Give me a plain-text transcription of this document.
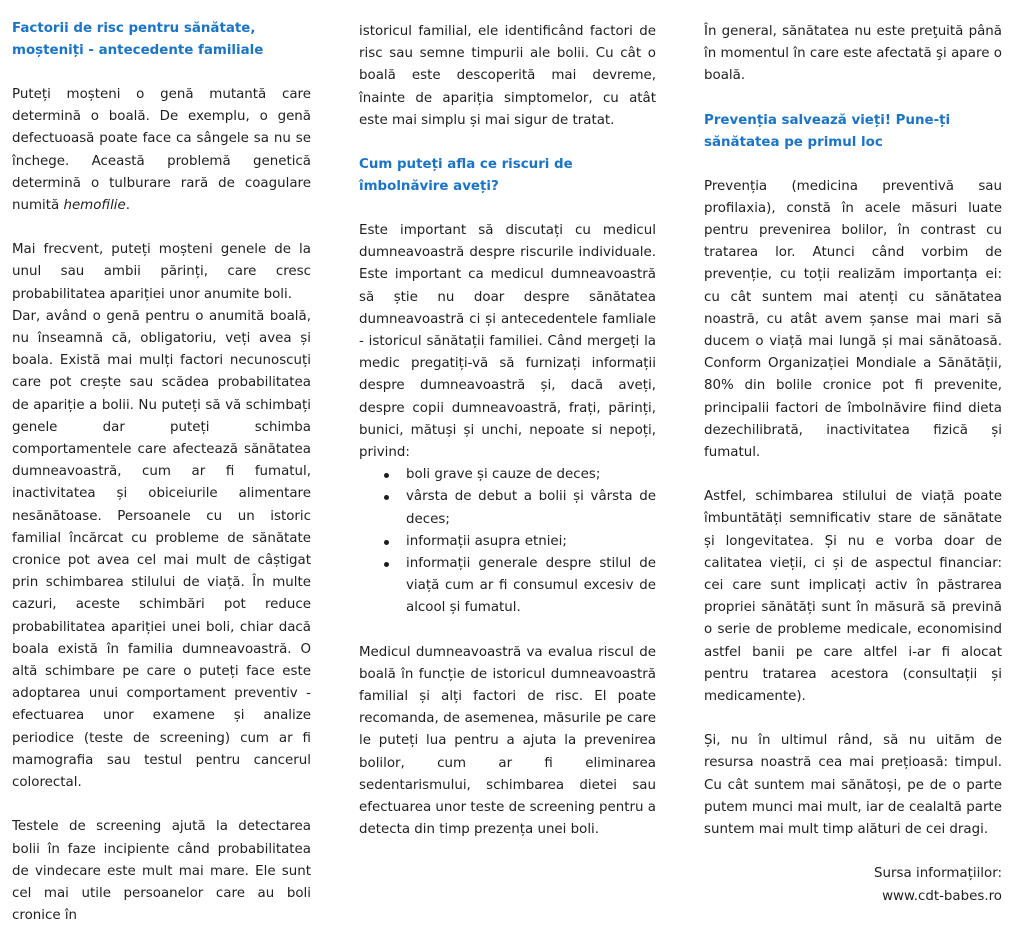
Factorii de risc pentru sănătate, moșteniți - antecedente familiale

Puteți moșteni o genă mutantă care determină o boală. De exemplu, o genă defectuoasă poate face ca sângele sa nu se închege. Această problemă genetică determină o tulburare rară de coagulare numită hemofilie.

Mai frecvent, puteți moșteni genele de la unul sau ambii părinți, care cresc probabilitatea apariției unor anumite boli.

Dar, având o genă pentru o anumită boală, nu înseamnă că, obligatoriu, veți avea și boala. Există mai mulți factori necunoscuți care pot crește sau scădea probabilitatea de apariție a bolii. Nu puteți să vă schimbați genele dar puteți schimba comportamentele care afectează sănătatea dumneavoastră, cum ar fi fumatul, inactivitatea și obiceiurile alimentare nesănătoase. Persoanele cu un istoric familial încărcat cu probleme de sănătate cronice pot avea cel mai mult de câștigat prin schimbarea stilului de viață. În multe cazuri, aceste schimbări pot reduce probabilitatea apariției unei boli, chiar dacă boala există în familia dumneavoastră. O altă schimbare pe care o puteți face este adoptarea unui comportament preventiv - efectuarea unor examene și analize periodice (teste de screening) cum ar fi mamografia sau testul pentru cancerul colorectal.

Testele de screening ajută la detectarea bolii în faze incipiente când probabilitatea de vindecare este mult mai mare. Ele sunt cel mai utile persoanelor care au boli cronice în

istoricul familial, ele identificând factori de risc sau semne timpurii ale bolii. Cu cât o boală este descoperită mai devreme, înainte de apariția simptomelor, cu atât este mai simplu și mai sigur de tratat.

Cum puteți afla ce riscuri de îmbolnăvire aveți?

Este important să discutați cu medicul dumneavoastră despre riscurile individuale. Este important ca medicul dumneavoastră să știe nu doar despre sănătatea dumneavoastră ci și antecedentele famliale - istoricul sănătații familiei. Când mergeți la medic pregatiți-vă să furnizați informații despre dumneavoastră și, dacă aveți, despre copii dumneavoastră, frați, părinți, bunici, mătuși și unchi, nepoate si nepoți, privind:

boli grave și cauze de deces;
vârsta de debut a bolii și vârsta de deces;
informații asupra etniei;
informații generale despre stilul de viață cum ar fi consumul excesiv de alcool și fumatul.

Medicul dumneavoastră va evalua riscul de boală în funcție de istoricul dumneavoastră familial și alți factori de risc. El poate recomanda, de asemenea, măsurile pe care le puteți lua pentru a ajuta la prevenirea bolilor, cum ar fi eliminarea sedentarismului, schimbarea dietei sau efectuarea unor teste de screening pentru a detecta din timp prezența unei boli.

În general, sănătatea nu este preţuită până în momentul în care este afectată şi apare o boală.

Prevenția salvează vieți! Pune-ți sănătatea pe primul loc

Prevenția (medicina preventivă sau profilaxia), constă în acele măsuri luate pentru prevenirea bolilor, în contrast cu tratarea lor. Atunci când vorbim de prevenție, cu toții realizăm importanța ei: cu cât suntem mai atenți cu sănătatea noastră, cu atât avem șanse mai mari să ducem o viață mai lungă și mai sănătoasă. Conform Organizației Mondiale a Sănătății, 80% din bolile cronice pot fi prevenite, principalii factori de îmbolnăvire fiind dieta dezechilibrată, inactivitatea fizică și fumatul.

Astfel, schimbarea stilului de viață poate îmbuntătăți semnificativ stare de sănătate și longevitatea. Și nu e vorba doar de calitatea vieții, ci și de aspectul financiar: cei care sunt implicați activ în păstrarea propriei sănătăți sunt în măsură să prevină o serie de probleme medicale, economisind astfel banii pe care altfel i-ar fi alocat pentru tratarea acestora (consultații și medicamente).

Și, nu în ultimul rând, să nu uităm de resursa noastră cea mai prețioasă: timpul. Cu cât suntem mai sănătoși, pe de o parte putem munci mai mult, iar de cealaltă parte suntem mai mult timp alături de cei dragi.

Sursa informațiilor:

www.cdt-babes.ro
